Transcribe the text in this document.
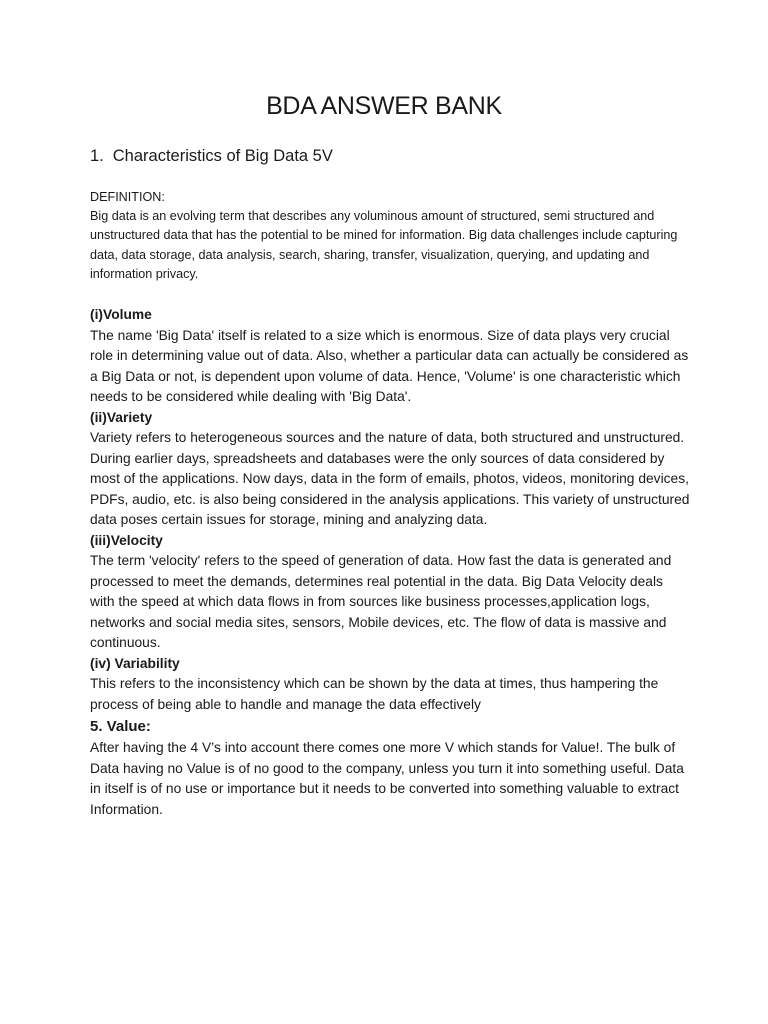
BDA ANSWER BANK
1. Characteristics of Big Data 5V
DEFINITION:
Big data is an evolving term that describes any voluminous amount of structured, semi structured and unstructured data that has the potential to be mined for information. Big data challenges include capturing data, data storage, data analysis, search, sharing, transfer, visualization, querying, and updating and information privacy.
(i)Volume

The name 'Big Data' itself is related to a size which is enormous. Size of data plays very crucial role in determining value out of data. Also, whether a particular data can actually be considered as a Big Data or not, is dependent upon volume of data. Hence, 'Volume' is one characteristic which needs to be considered while dealing with 'Big Data'.

(ii)Variety

Variety refers to heterogeneous sources and the nature of data, both structured and unstructured. During earlier days, spreadsheets and databases were the only sources of data considered by most of the applications. Now days, data in the form of emails, photos, videos, monitoring devices, PDFs, audio, etc. is also being considered in the analysis applications. This variety of unstructured data poses certain issues for storage, mining and analyzing data.

(iii)Velocity

The term 'velocity' refers to the speed of generation of data. How fast the data is generated and processed to meet the demands, determines real potential in the data. Big Data Velocity deals with the speed at which data flows in from sources like business processes,application logs, networks and social media sites, sensors, Mobile devices, etc. The flow of data is massive and continuous.

(iv) Variability

This refers to the inconsistency which can be shown by the data at times, thus hampering the process of being able to handle and manage the data effectively

5. Value:

After having the 4 V’s into account there comes one more V which stands for Value!. The bulk of Data having no Value is of no good to the company, unless you turn it into something useful. Data in itself is of no use or importance but it needs to be converted into something valuable to extract Information.
